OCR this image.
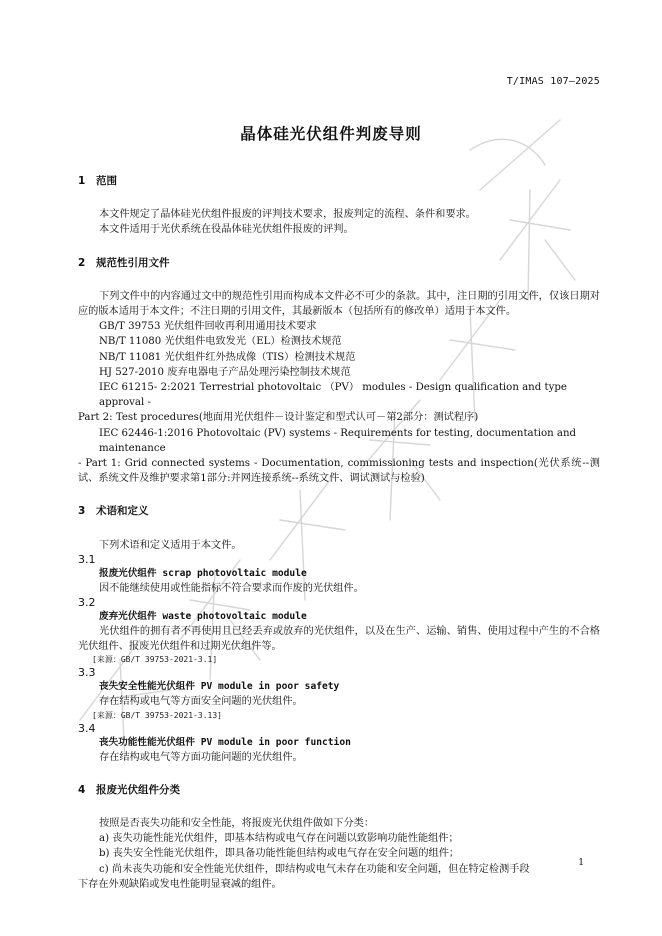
T/IMAS 107—2025
晶体硅光伏组件判废导则

1 范围

本文件规定了晶体硅光伏组件报废的评判技术要求，报废判定的流程、条件和要求。

本文件适用于光伏系统在役晶体硅光伏组件报废的评判。

2 规范性引用文件

下列文件中的内容通过文中的规范性引用而构成本文件必不可少的条款。其中，注日期的引用文件，仅该日期对应的版本适用于本文件；不注日期的引用文件，其最新版本（包括所有的修改单）适用于本文件。

GB/T 39753 光伏组件回收再利用通用技术要求

NB/T 11080 光伏组件电致发光（EL）检测技术规范

NB/T 11081 光伏组件红外热成像（TIS）检测技术规范

HJ 527-2010 废弃电器电子产品处理污染控制技术规范

IEC 61215- 2:2021 Terrestrial photovoltaic （PV） modules - Design qualification and type approval -

Part 2: Test procedures(地面用光伏组件－设计鉴定和型式认可－第2部分：测试程序)

IEC 62446-1:2016 Photovoltaic (PV) systems - Requirements for testing, documentation and maintenance

- Part 1: Grid connected systems - Documentation, commissioning tests and inspection(光伏系统--测试、系统文件及维护要求第1部分:并网连接系统--系统文件、调试测试与检验)

3 术语和定义

下列术语和定义适用于本文件。

3.1

报废光伏组件 scrap photovoltaic module

因不能继续使用或性能指标不符合要求而作废的光伏组件。

3.2

废弃光伏组件 waste photovoltaic module

光伏组件的拥有者不再使用且已经丢弃或放弃的光伏组件，以及在生产、运输、销售、使用过程中产生的不合格光伏组件、报废光伏组件和过期光伏组件等。

[来源：GB/T 39753-2021-3.1]

3.3

丧失安全性能光伏组件 PV module in poor safety

存在结构或电气等方面安全问题的光伏组件。

[来源：GB/T 39753-2021-3.13]

3.4

丧失功能性能光伏组件 PV module in poor function

存在结构或电气等方面功能问题的光伏组件。

4 报废光伏组件分类

按照是否丧失功能和安全性能，将报废光伏组件做如下分类：

a) 丧失功能性能光伏组件，即基本结构或电气存在问题以致影响功能性能组件；

b) 丧失安全性能光伏组件，即具备功能性能但结构或电气存在安全问题的组件；

c) 尚未丧失功能和安全性能光伏组件，即结构或电气未存在功能和安全问题，但在特定检测手段

下存在外观缺陷或发电性能明显衰减的组件。

1
